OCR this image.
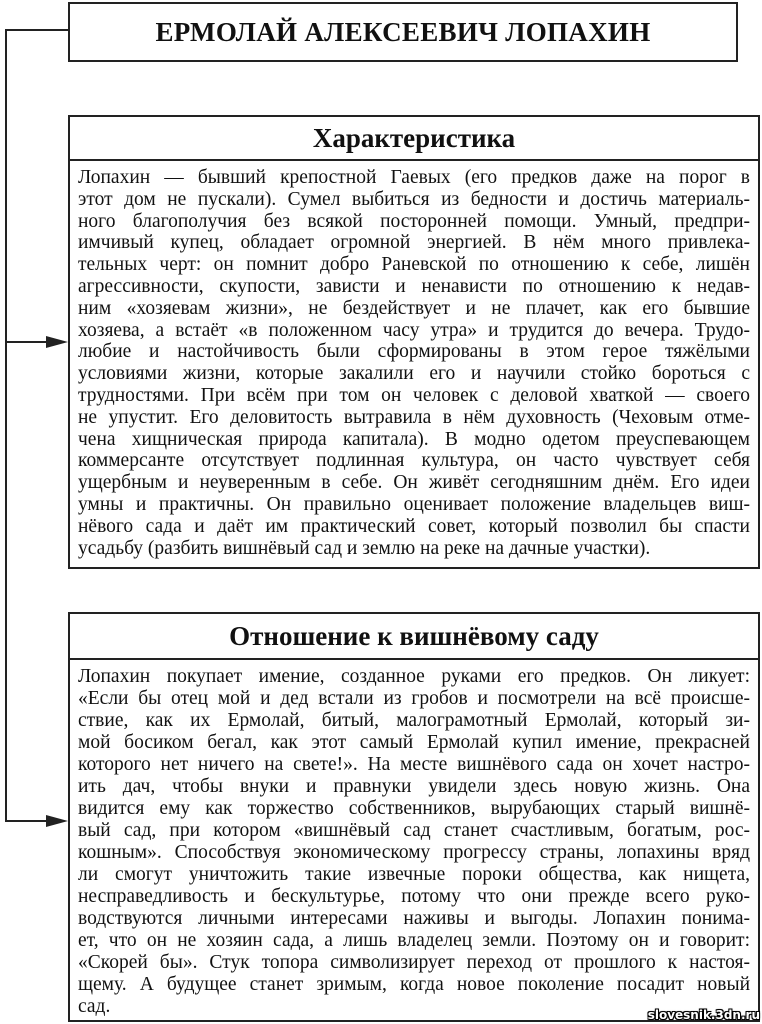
ЕРМОЛАЙ АЛЕКСЕЕВИЧ ЛОПАХИН
Характеристика
Лопахин — бывший крепостной Гаевых (его предков даже на порог в
этот дом не пускали). Сумел выбиться из бедности и достичь материаль-
ного благополучия без всякой посторонней помощи. Умный, предпри-
имчивый купец, обладает огромной энергией. В нём много привлека-
тельных черт: он помнит добро Раневской по отношению к себе, лишён
агрессивности, скупости, зависти и ненависти по отношению к недав-
ним «хозяевам жизни», не бездействует и не плачет, как его бывшие
хозяева, а встаёт «в положенном часу утра» и трудится до вечера. Трудо-
любие и настойчивость были сформированы в этом герое тяжёлыми
условиями жизни, которые закалили его и научили стойко бороться с
трудностями. При всём при том он человек с деловой хваткой — своего
не упустит. Его деловитость вытравила в нём духовность (Чеховым отме-
чена хищническая природа капитала). В модно одетом преуспевающем
коммерсанте отсутствует подлинная культура, он часто чувствует себя
ущербным и неуверенным в себе. Он живёт сегодняшним днём. Его идеи
умны и практичны. Он правильно оценивает положение владельцев виш-
нёвого сада и даёт им практический совет, который позволил бы спасти
усадьбу (разбить вишнёвый сад и землю на реке на дачные участки).
Отношение к вишнёвому саду
Лопахин покупает имение, созданное руками его предков. Он ликует:
«Если бы отец мой и дед встали из гробов и посмотрели на всё происше-
ствие, как их Ермолай, битый, малограмотный Ермолай, который зи-
мой босиком бегал, как этот самый Ермолай купил имение, прекрасней
которого нет ничего на свете!». На месте вишнёвого сада он хочет настро-
ить дач, чтобы внуки и правнуки увидели здесь новую жизнь. Она
видится ему как торжество собственников, вырубающих старый вишнё-
вый сад, при котором «вишнёвый сад станет счастливым, богатым, рос-
кошным». Способствуя экономическому прогрессу страны, лопахины вряд
ли смогут уничтожить такие извечные пороки общества, как нищета,
несправедливость и бескультурье, потому что они прежде всего руко-
водствуются личными интересами наживы и выгоды. Лопахин понима-
ет, что он не хозяин сада, а лишь владелец земли. Поэтому он и говорит:
«Скорей бы». Стук топора символизирует переход от прошлого к настоя-
щему. А будущее станет зримым, когда новое поколение посадит новый
сад.	slovesnik.3dn.ru
